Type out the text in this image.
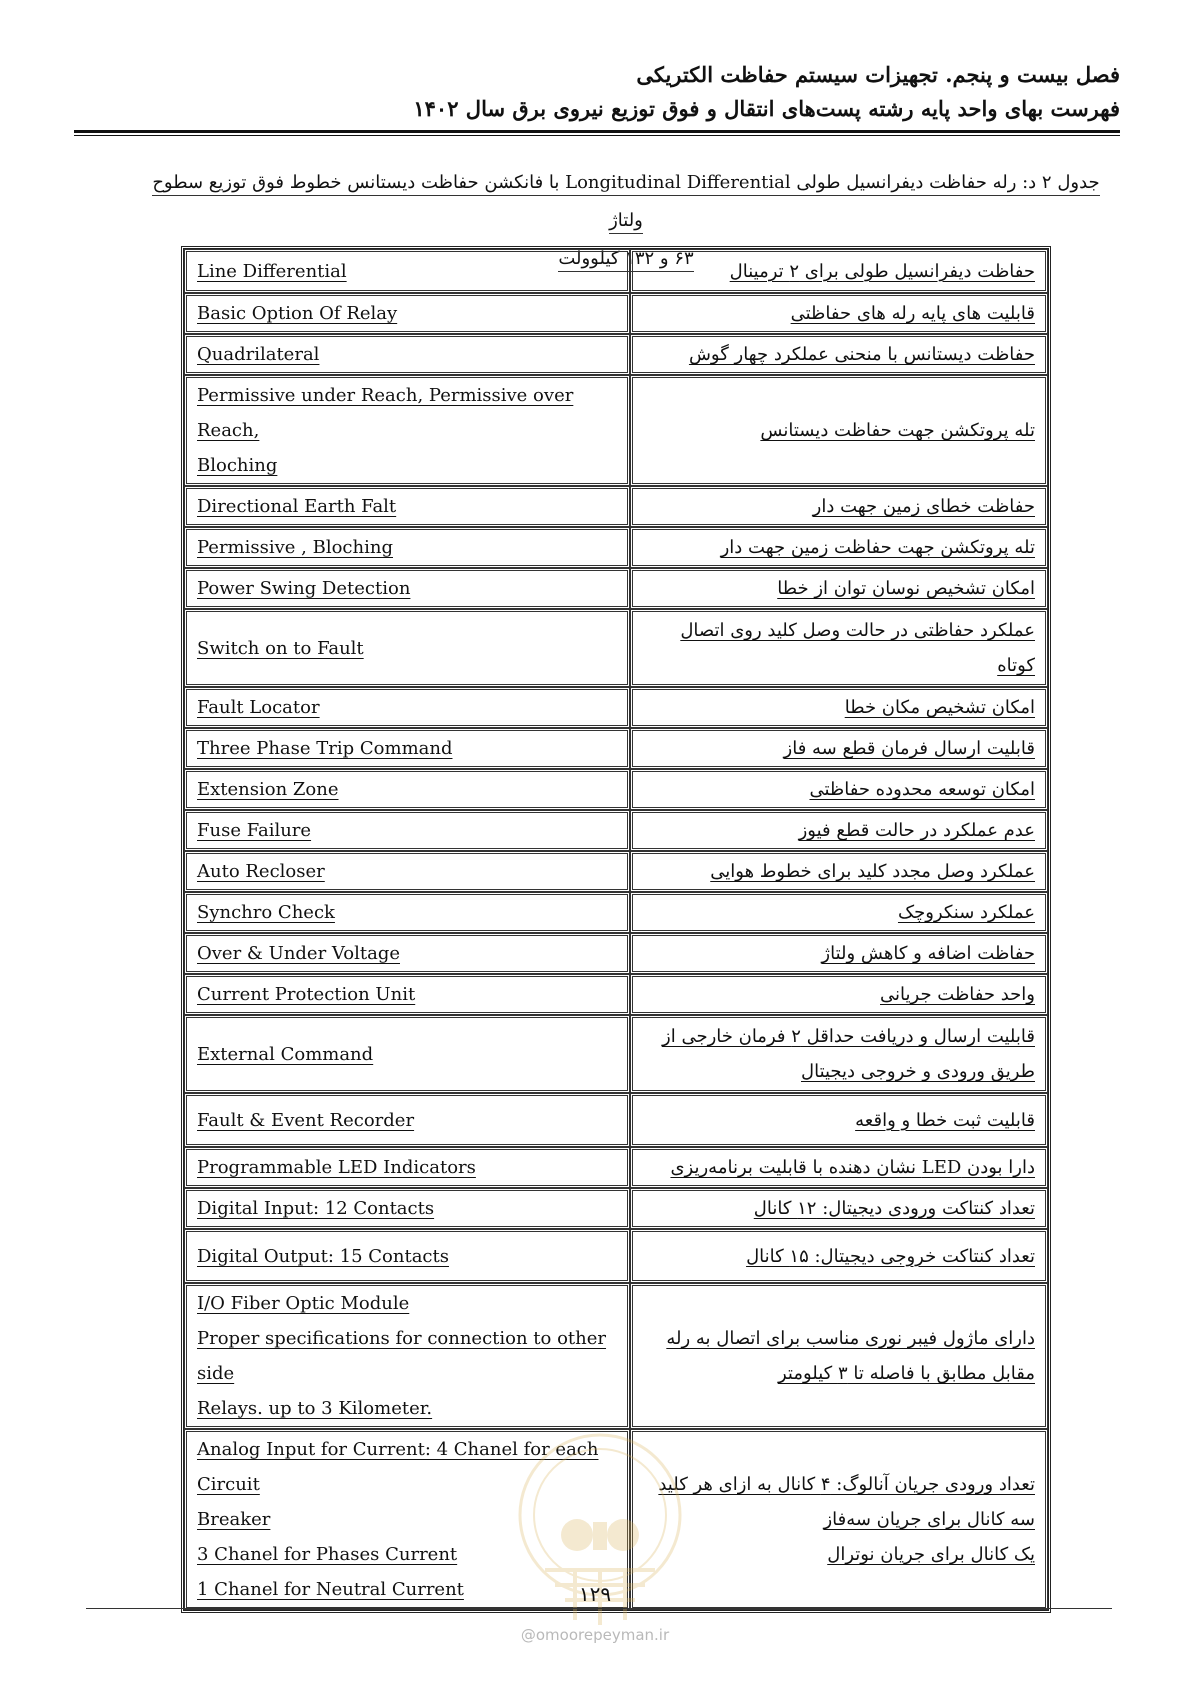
فصل بیست و پنجم. تجهیزات سیستم حفاظت الکتریکی
فهرست بهای واحد پایه رشته پست‌های انتقال و فوق توزیع نیروی برق سال ۱۴۰۲
جدول ۲ د: رله حفاظت دیفرانسیل طولی Longitudinal Differential با فانکشن حفاظت دیستانس خطوط فوق توزیع سطوح ولتاژ
۶۳ و ۱۳۲ کیلوولت
Line Differential	حفاظت دیفرانسیل طولی برای ۲ ترمینال

Basic Option Of Relay	قابلیت های پایه رله های حفاظتی

Quadrilateral	حفاظت دیستانس با منحنی عملکرد چهار گوش

Permissive under Reach, Permissive over Reach,
Bloching	تله پروتکشن جهت حفاظت دیستانس

Directional Earth Falt	حفاظت خطای زمین جهت دار

Permissive , Bloching	تله پروتکشن جهت حفاظت زمین جهت دار

Power Swing Detection	امکان تشخیص نوسان توان از خطا

Switch on to Fault	عملکرد حفاظتی در حالت وصل کلید روی اتصال
کوتاه

Fault Locator	امکان تشخیص مکان خطا

Three Phase Trip Command	قابلیت ارسال فرمان قطع سه فاز

Extension Zone	امکان توسعه محدوده حفاظتی

Fuse Failure	عدم عملکرد در حالت قطع فیوز

Auto Recloser	عملکرد وصل مجدد کلید برای خطوط هوایی

Synchro Check	عملکرد سنکروچک

Over & Under Voltage	حفاظت اضافه و کاهش ولتاژ

Current Protection Unit	واحد حفاظت جریانی

External Command	قابلیت ارسال و دریافت حداقل ۲ فرمان خارجی از
طریق ورودی و خروجی دیجیتال

Fault & Event Recorder	قابلیت ثبت خطا و واقعه

Programmable LED Indicators	دارا بودن LED نشان دهنده با قابلیت برنامه‌ریزی

Digital Input: 12 Contacts	تعداد کنتاکت ورودی دیجیتال: ۱۲ کانال

Digital Output: 15 Contacts	تعداد کنتاکت خروجی دیجیتال: ۱۵ کانال

I/O Fiber Optic Module
Proper specifications for connection to other side
Relays. up to 3 Kilometer.	دارای ماژول فیبر نوری مناسب برای اتصال به رله
مقابل مطابق با فاصله تا ۳ کیلومتر

Analog Input for Current: 4 Chanel for each Circuit
Breaker
3 Chanel for Phases Current
1 Chanel for Neutral Current	تعداد ورودی جریان آنالوگ: ۴ کانال به ازای هر کلید
سه کانال برای جریان سه‌فاز
یک کانال برای جریان نوترال
۱۲۹
@omoorepeyman.ir
